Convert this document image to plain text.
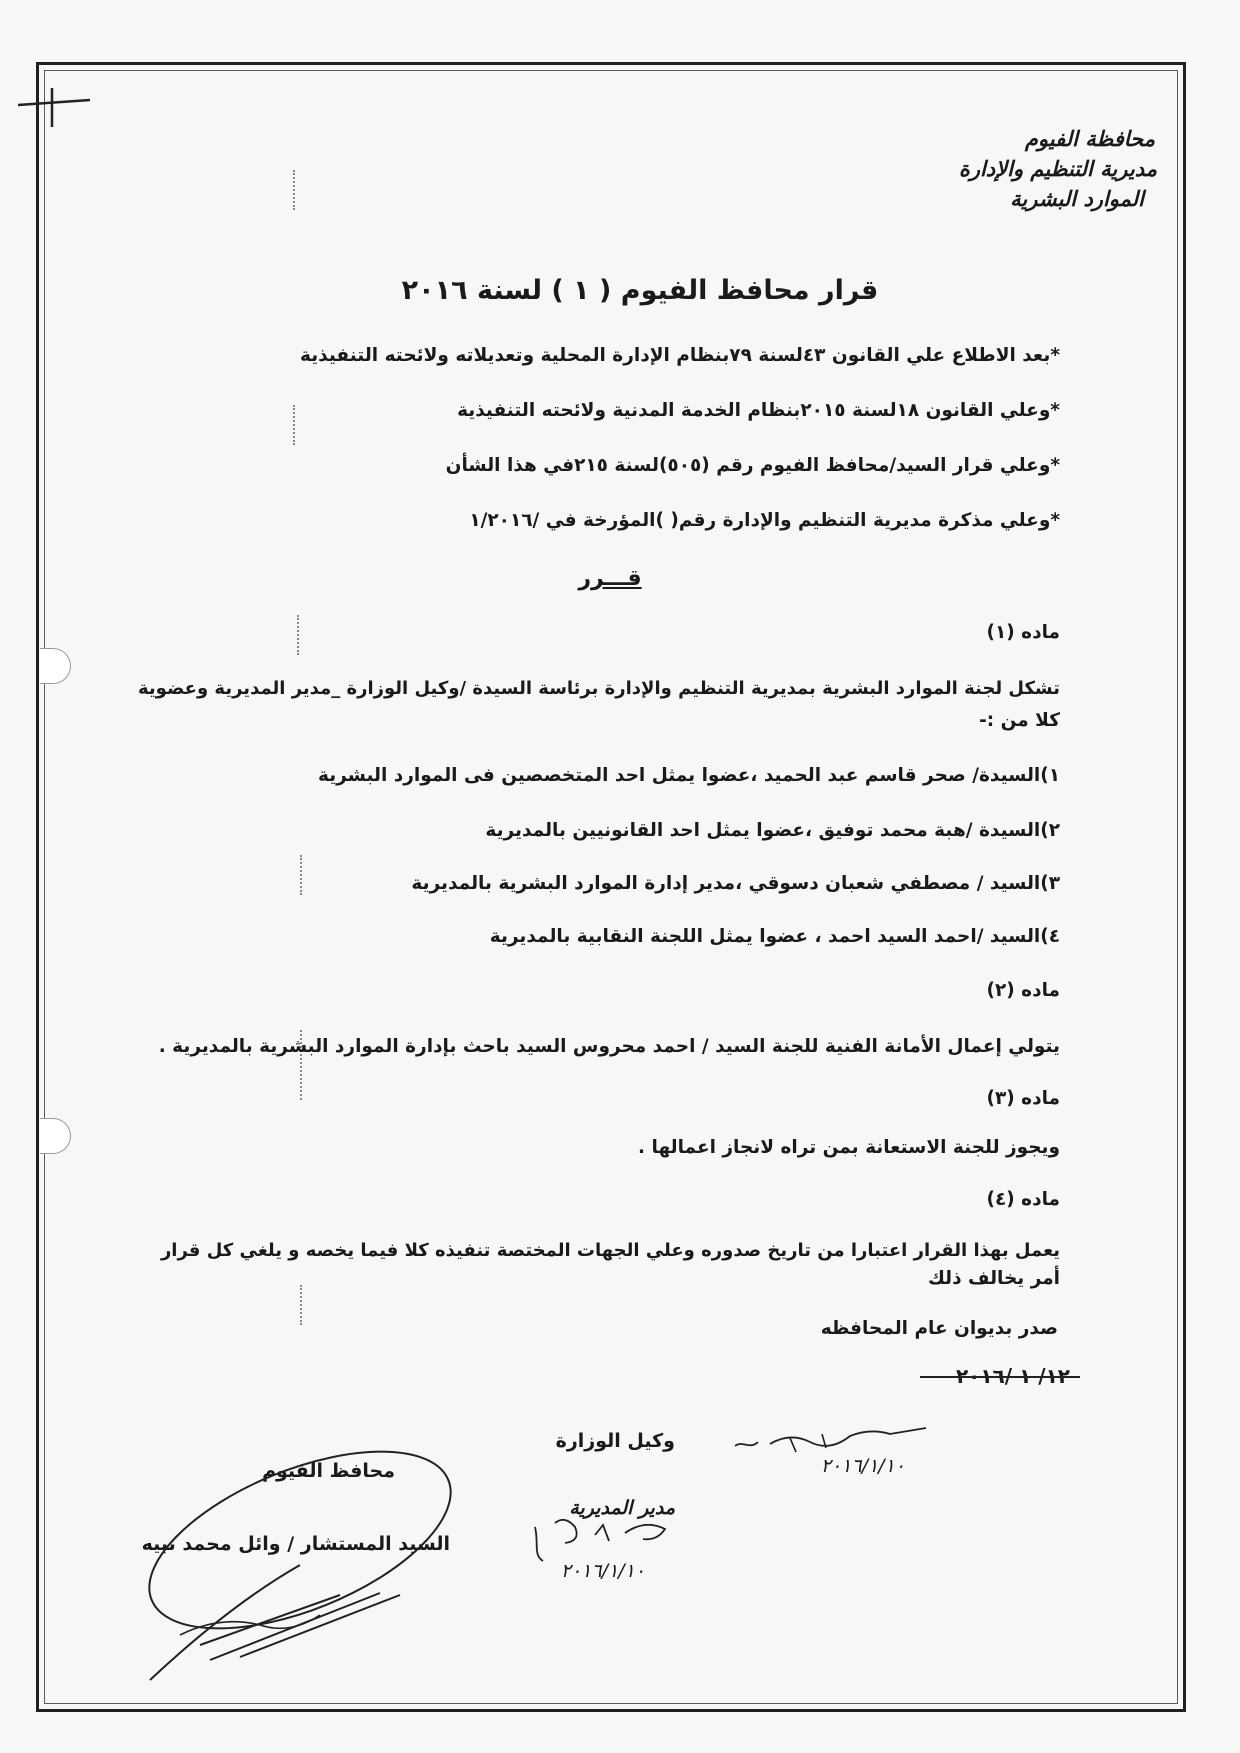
محافظة الفيوم
مديرية التنظيم والإدارة
الموارد البشرية
قرار محافظ الفيوم ( ١ ) لسنة ٢٠١٦
*بعد الاطلاع علي القانون ٤٣لسنة ٧٩بنظام الإدارة المحلية وتعديلاته ولائحته التنفيذية
*وعلي القانون ١٨لسنة ٢٠١٥بنظام الخدمة المدنية ولائحته التنفيذية
*وعلي قرار السيد/محافظ الفيوم رقم (٥٠٥)لسنة ٢١٥في هذا الشأن
*وعلي مذكرة مديرية التنظيم والإدارة رقم( )المؤرخة في /١/٢٠١٦
قـــرر
ماده (١)
تشكل لجنة الموارد البشرية بمديرية التنظيم والإدارة برئاسة السيدة /وكيل الوزارة _مدير المديرية وعضوية
كلا من :-
١)السيدة/ صحر قاسم عبد الحميد ،عضوا يمثل احد المتخصصين فى الموارد البشرية
٢)السيدة /هبة محمد توفيق ،عضوا يمثل احد القانونيين بالمديرية
٣)السيد / مصطفي شعبان دسوقي ،مدير إدارة الموارد البشرية بالمديرية
٤)السيد /احمد السيد احمد ، عضوا يمثل اللجنة النقابية بالمديرية
ماده (٢)
يتولي إعمال الأمانة الفنية للجنة السيد / احمد محروس السيد باحث بإدارة الموارد البشرية بالمديرية .
ماده (٣)
ويجوز للجنة الاستعانة بمن تراه لانجاز اعمالها .
ماده (٤)
يعمل بهذا القرار اعتبارا من تاريخ صدوره وعلي الجهات المختصة تنفيذه كلا فيما يخصه و يلغي كل قرار
أمر يخالف ذلك
صدر بديوان عام المحافظه
١٢/ ١ /٢٠١٦
وكيل الوزارة
مدير المديرية
محافظ الفيوم
السيد المستشار / وائل محمد نبيه
٢٠١٦/١/١٠
٢٠١٦/١/١٠
